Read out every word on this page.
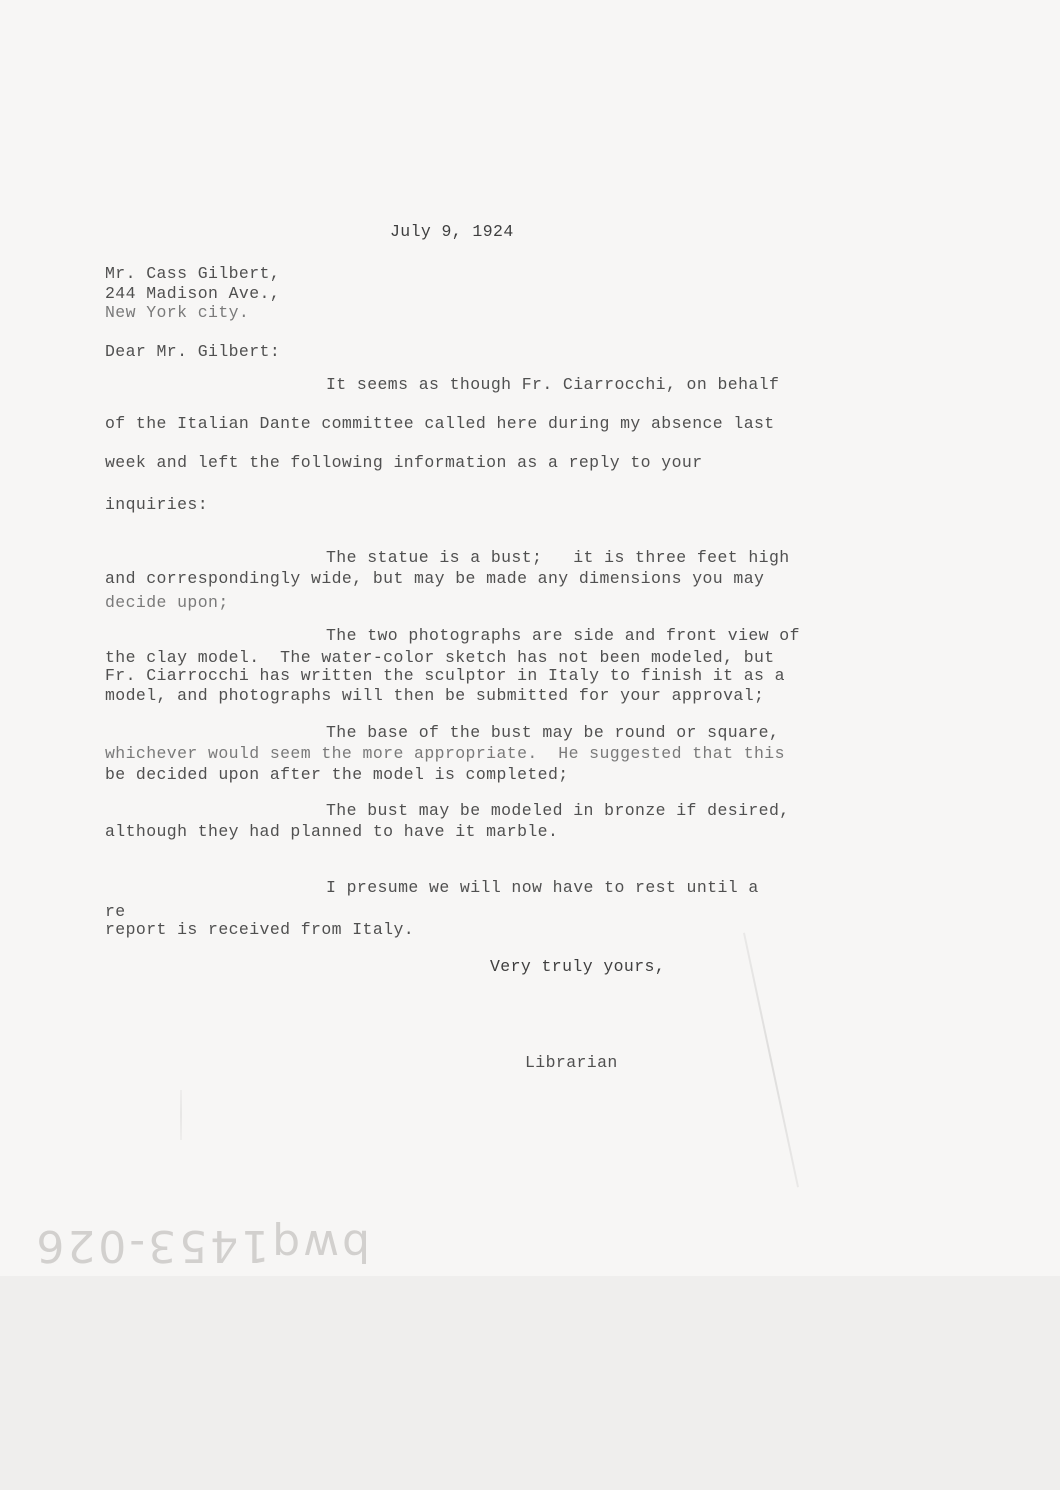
July 9, 1924

Mr. Cass Gilbert,

244 Madison Ave.,

New York city.

Dear Mr. Gilbert:

It seems as though Fr. Ciarrocchi, on behalf

of the Italian Dante committee called here during my absence last

week and left the following information as a reply to your

inquiries:

The statue is a bust;   it is three feet high

and correspondingly wide, but may be made any dimensions you may

decide upon;

The two photographs are side and front view of

the clay model.  The water-color sketch has not been modeled, but

Fr. Ciarrocchi has written the sculptor in Italy to finish it as a

model, and photographs will then be submitted for your approval;

The base of the bust may be round or square,

whichever would seem the more appropriate.  He suggested that this

be decided upon after the model is completed;

The bust may be modeled in bronze if desired,

although they had planned to have it marble.

I presume we will now have to rest until a

re

report is received from Italy.

Very truly yours,

Librarian

bwq1453-026
